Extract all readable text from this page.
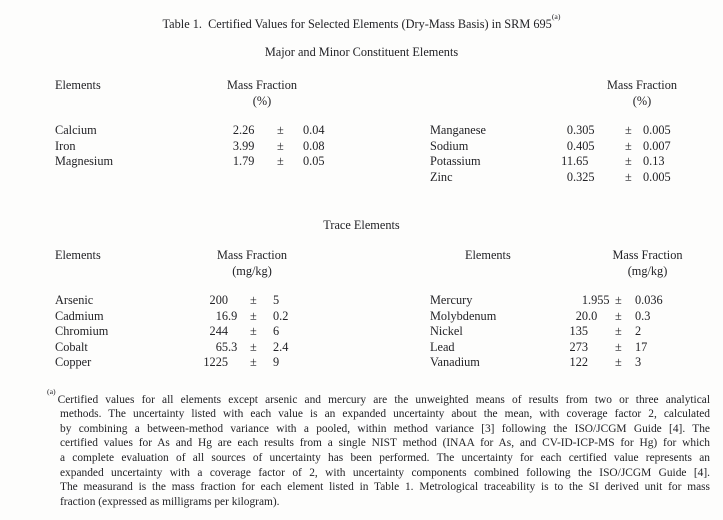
Table 1.  Certified Values for Selected Elements (Dry-Mass Basis) in SRM 695$^{(a)}$
Major and Minor Constituent Elements
Elements	Mass Fraction
(%)
Calcium	2 .26	±	0.04
Iron	3 .99	±	0.08
Magnesium	1 .79	±	0.05
Mass Fraction
(%)
Manganese	0 .305	± 0.005
Sodium	0 .405	± 0.007
Potassium	11 .65	± 0.13
Zinc	0 .325	± 0.005
Trace Elements
Elements	Mass Fraction
(mg/kg)
Arsenic	200 ±	5
Cadmium	16 .9	±	0.2
Chromium	244 ±	6
Cobalt	65 .3	±	2.4
Copper	1225 ±	9
Elements	Mass Fraction
(mg/kg)
Mercury	1 .955 ±	0.036
Molybdenum	20 .0	±	0.3
Nickel	135 ±	2
Lead	273 ±	17
Vanadium	122 ±	3
$^{(a)}$Certified values for all elements except arsenic and mercury are the unweighted means of results from two or three analytical
methods. The uncertainty listed with each value is an expanded uncertainty about the mean, with coverage factor 2, calculated
by combining a between-method variance with a pooled, within method variance [3] following the ISO/JCGM Guide [4]. The
certified values for As and Hg are each results from a single NIST method (INAA for As, and CV-ID-ICP-MS for Hg) for which
a complete evaluation of all sources of uncertainty has been performed. The uncertainty for each certified value represents an
expanded uncertainty with a coverage factor of 2, with uncertainty components combined following the ISO/JCGM Guide [4].
The measurand is the mass fraction for each element listed in Table 1. Metrological traceability is to the SI derived unit for mass
fraction (expressed as milligrams per kilogram).
